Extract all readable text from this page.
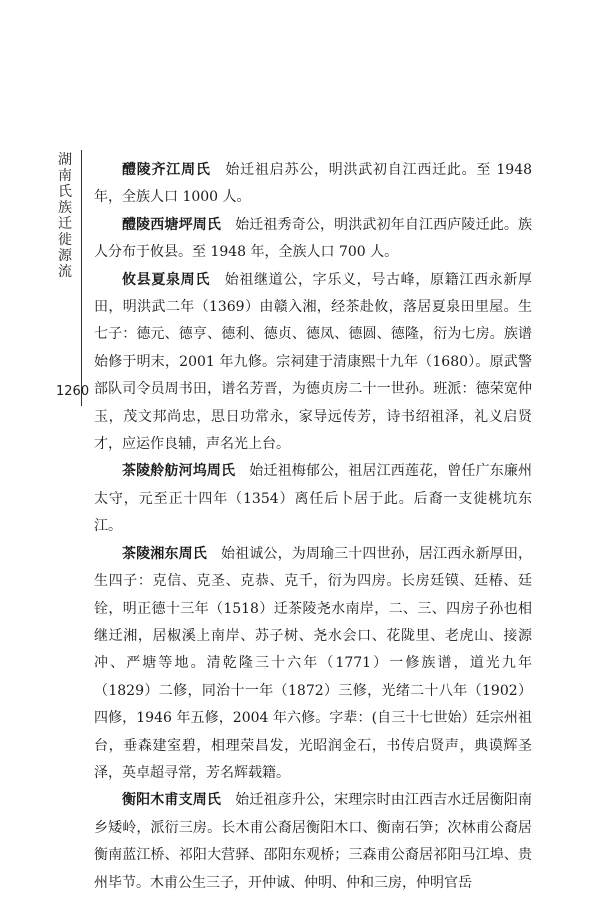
湖南氏族迁徙源流
1260

醴陵齐江周氏  始迁祖启苏公，明洪武初自江西迁此。至 1948 年，全族人口 1000 人。

醴陵西塘坪周氏  始迁祖秀奇公，明洪武初年自江西庐陵迁此。族人分布于攸县。至 1948 年，全族人口 700 人。

攸县夏泉周氏  始祖继道公，字乐义，号古峰，原籍江西永新厚田，明洪武二年（1369）由赣入湘，经茶赴攸，落居夏泉田里屋。生七子：德元、德亨、德利、德贞、德凤、德圆、德隆，衍为七房。族谱始修于明末，2001 年九修。宗祠建于清康熙十九年（1680）。原武警部队司令员周书田，谱名芳晋，为德贞房二十一世孙。班派：德荣宽仲玉，茂文邦尚忠，思日功常永，家导远传芳，诗书绍祖泽，礼义启贤才，应运作良辅，声名光上台。

茶陵舲舫河坞周氏  始迁祖梅郁公，祖居江西莲花，曾任广东廉州太守，元至正十四年（1354）离任后卜居于此。后裔一支徙桃坑东江。

茶陵湘东周氏  始祖诚公，为周瑜三十四世孙，居江西永新厚田，生四子：克信、克圣、克恭、克千，衍为四房。长房廷镆、廷椿、廷铨，明正德十三年（1518）迁茶陵尧水南岸，二、三、四房子孙也相继迁湘，居椒溪上南岸、苏子树、尧水会口、花陇里、老虎山、接源冲、严塘等地。清乾隆三十六年（1771）一修族谱，道光九年（1829）二修，同治十一年（1872）三修，光绪二十八年（1902）四修，1946 年五修，2004 年六修。字辈：(自三十七世始）廷宗州祖台，垂森建室碧，相理荣昌发，光昭润金石，书传启贤声，典谟辉圣泽，英卓超寻常，芳名辉载籍。

衡阳木甫支周氏  始迁祖彦升公，宋理宗时由江西吉水迁居衡阳南乡矮岭，派衍三房。长木甫公裔居衡阳木口、衡南石笋；次林甫公裔居衡南蓝江桥、祁阳大营驿、邵阳东观桥；三森甫公裔居祁阳马江埠、贵州毕节。木甫公生三子，开仲诚、仲明、仲和三房，仲明官岳
